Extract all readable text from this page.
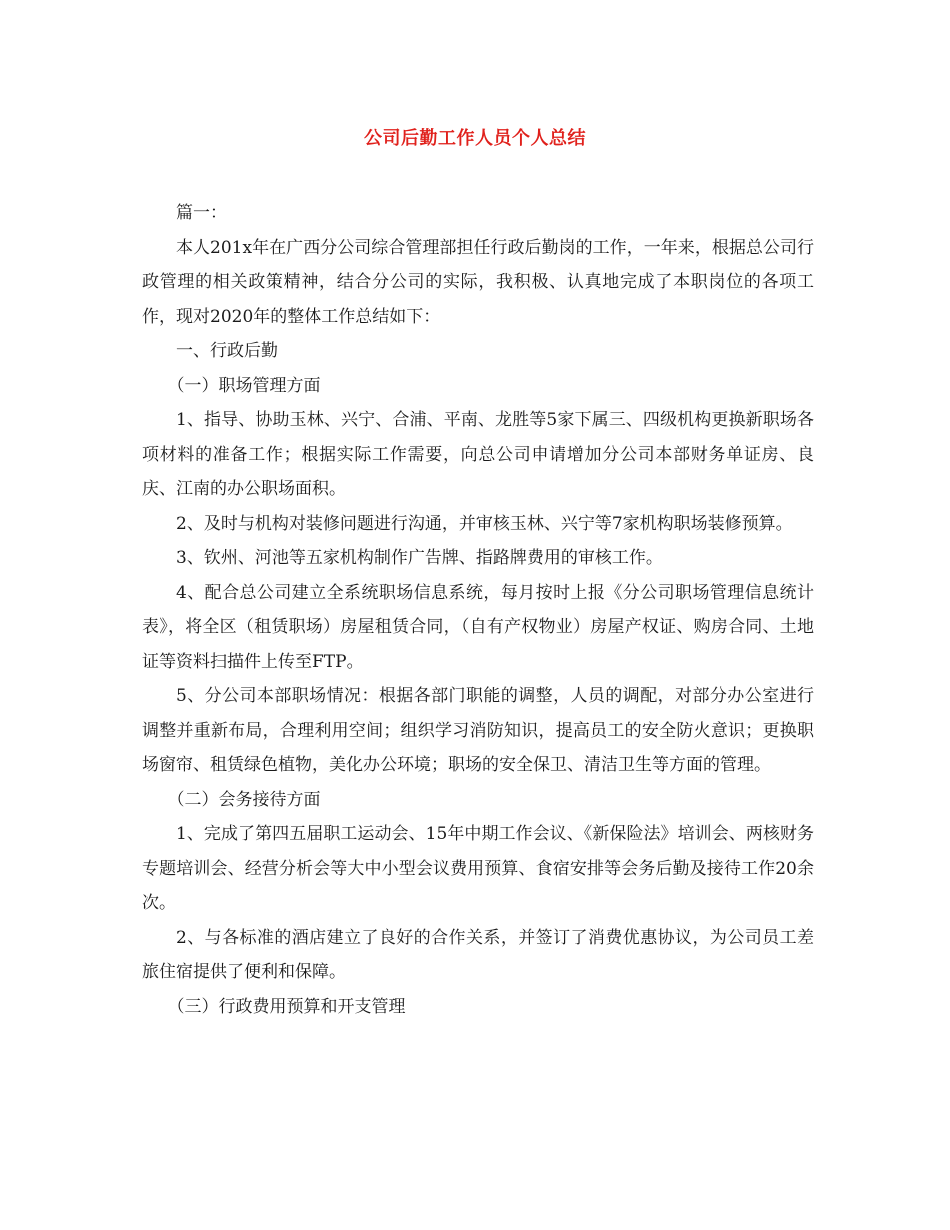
公司后勤工作人员个人总结

篇一：

本人201x年在广西分公司综合管理部担任行政后勤岗的工作，一年来，根据总公司行政管理的相关政策精神，结合分公司的实际，我积极、认真地完成了本职岗位的各项工作，现对2020年的整体工作总结如下：

一、行政后勤

（一）职场管理方面

1、指导、协助玉林、兴宁、合浦、平南、龙胜等5家下属三、四级机构更换新职场各项材料的准备工作；根据实际工作需要，向总公司申请增加分公司本部财务单证房、良庆、江南的办公职场面积。

2、及时与机构对装修问题进行沟通，并审核玉林、兴宁等7家机构职场装修预算。

3、钦州、河池等五家机构制作广告牌、指路牌费用的审核工作。

4、配合总公司建立全系统职场信息系统，每月按时上报《分公司职场管理信息统计表》，将全区（租赁职场）房屋租赁合同，（自有产权物业）房屋产权证、购房合同、土地证等资料扫描件上传至FTP。

5、分公司本部职场情况：根据各部门职能的调整，人员的调配，对部分办公室进行调整并重新布局，合理利用空间；组织学习消防知识，提高员工的安全防火意识；更换职场窗帘、租赁绿色植物，美化办公环境；职场的安全保卫、清洁卫生等方面的管理。

（二）会务接待方面

1、完成了第四五届职工运动会、15年中期工作会议、《新保险法》培训会、两核财务专题培训会、经营分析会等大中小型会议费用预算、食宿安排等会务后勤及接待工作20余次。

2、与各标准的酒店建立了良好的合作关系，并签订了消费优惠协议，为公司员工差旅住宿提供了便利和保障。

（三）行政费用预算和开支管理
